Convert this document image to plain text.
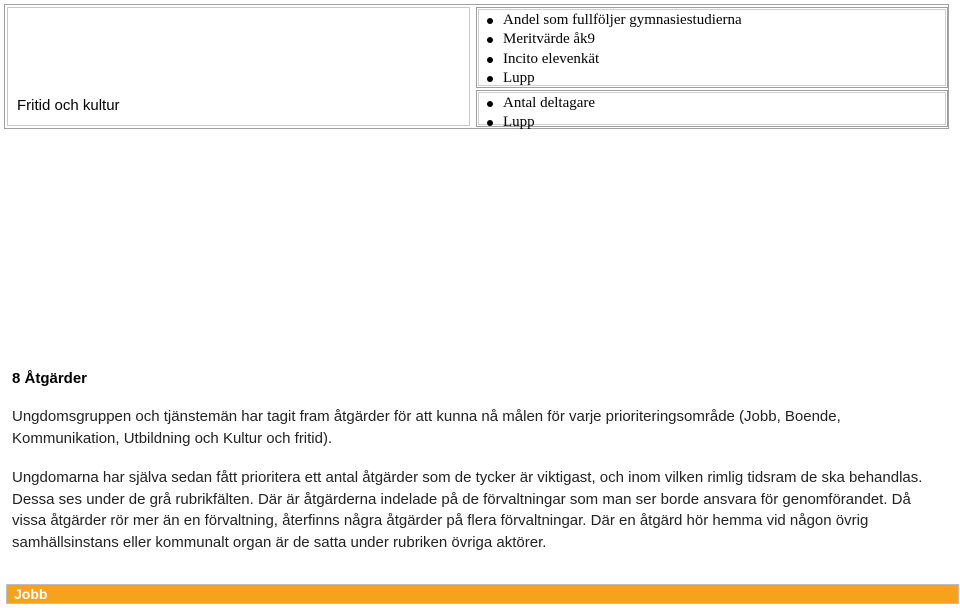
Fritid och kultur
Andel som fullföljer gymnasiestudierna
Meritvärde åk9
Incito elevenkät
Lupp
Antal deltagare
Lupp
8 Åtgärder

Ungdomsgruppen och tjänstemän har tagit fram åtgärder för att kunna nå målen för varje prioriteringsområde (Jobb, Boende, Kommunikation, Utbildning och Kultur och fritid).

Ungdomarna har själva sedan fått prioritera ett antal åtgärder som de tycker är viktigast, och inom vilken rimlig tidsram de ska behandlas. Dessa ses under de grå rubrikfälten. Där är åtgärderna indelade på de förvaltningar som man ser borde ansvara för genomförandet. Då vissa åtgärder rör mer än en förvaltning, återfinns några åtgärder på flera förvaltningar. Där en åtgärd hör hemma vid någon övrig samhällsinstans eller kommunalt organ är de satta under rubriken övriga aktörer.

Jobb
